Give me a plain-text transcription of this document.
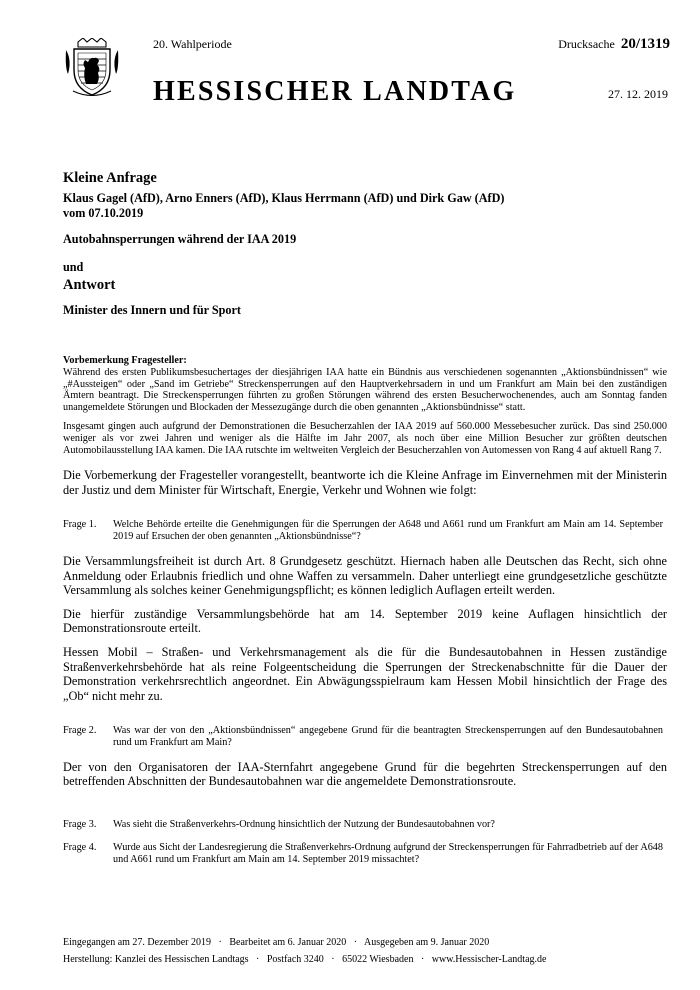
20. Wahlperiode	Drucksache 20/1319
HESSISCHER LANDTAG	27. 12. 2019

Kleine Anfrage

Klaus Gagel (AfD), Arno Enners (AfD), Klaus Herrmann (AfD) und Dirk Gaw (AfD)

vom 07.10.2019

Autobahnsperrungen während der IAA 2019

und

Antwort

Minister des Innern und für Sport

Vorbemerkung Fragesteller:

Während des ersten Publikumsbesuchertages der diesjährigen IAA hatte ein Bündnis aus verschiedenen sogenannten „Aktionsbündnissen“ wie „#Aussteigen“ oder „Sand im Getriebe“ Streckensperrungen auf den Hauptverkehrsadern in und um Frankfurt am Main bei den zuständigen Ämtern beantragt. Die Streckensperrungen führten zu großen Störungen während des ersten Besucherwochenendes, auch am Sonntag fanden unangemeldete Störungen und Blockaden der Messezugänge durch die oben genannten „Aktionsbündnisse“ statt.

Insgesamt gingen auch aufgrund der Demonstrationen die Besucherzahlen der IAA 2019 auf 560.000 Messebesucher zurück. Das sind 250.000 weniger als vor zwei Jahren und weniger als die Hälfte im Jahr 2007, als noch über eine Million Besucher zur größten deutschen Automobilausstellung IAA kamen. Die IAA rutschte im weltweiten Vergleich der Besucherzahlen von Automessen von Rang 4 auf aktuell Rang 7.

Die Vorbemerkung der Fragesteller vorangestellt, beantworte ich die Kleine Anfrage im Einvernehmen mit der Ministerin der Justiz und dem Minister für Wirtschaft, Energie, Verkehr und Wohnen wie folgt:

Frage 1.	Welche Behörde erteilte die Genehmigungen für die Sperrungen der A648 und A661 rund um Frankfurt am Main am 14. September 2019 auf Ersuchen der oben genannten „Aktionsbündnisse“?

Die Versammlungsfreiheit ist durch Art. 8 Grundgesetz geschützt. Hiernach haben alle Deutschen das Recht, sich ohne Anmeldung oder Erlaubnis friedlich und ohne Waffen zu versammeln. Daher unterliegt eine grundgesetzliche geschützte Versammlung als solches keiner Genehmigungspflicht; es können lediglich Auflagen erteilt werden.

Die hierfür zuständige Versammlungsbehörde hat am 14. September 2019 keine Auflagen hinsichtlich der Demonstrationsroute erteilt.

Hessen Mobil – Straßen- und Verkehrsmanagement als die für die Bundesautobahnen in Hessen zuständige Straßenverkehrsbehörde hat als reine Folgeentscheidung die Sperrungen der Streckenabschnitte für die Dauer der Demonstration verkehrsrechtlich angeordnet. Ein Abwägungsspielraum kam Hessen Mobil hinsichtlich der Frage des „Ob“ nicht mehr zu.

Frage 2.	Was war der von den „Aktionsbündnissen“ angegebene Grund für die beantragten Streckensperrungen auf den Bundesautobahnen rund um Frankfurt am Main?

Der von den Organisatoren der IAA-Sternfahrt angegebene Grund für die begehrten Streckensperrungen auf den betreffenden Abschnitten der Bundesautobahnen war die angemeldete Demonstrationsroute.

Frage 3.	Was sieht die Straßenverkehrs-Ordnung hinsichtlich der Nutzung der Bundesautobahnen vor?
Frage 4.	Wurde aus Sicht der Landesregierung die Straßenverkehrs-Ordnung aufgrund der Streckensperrungen für Fahrradbetrieb auf der A648 und A661 rund um Frankfurt am Main am 14. September 2019 missachtet?
Eingegangen am 27. Dezember 2019   ·   Bearbeitet am 6. Januar 2020   ·   Ausgegeben am 9. Januar 2020
Herstellung: Kanzlei des Hessischen Landtags   ·   Postfach 3240   ·   65022 Wiesbaden   ·   www.Hessischer-Landtag.de
